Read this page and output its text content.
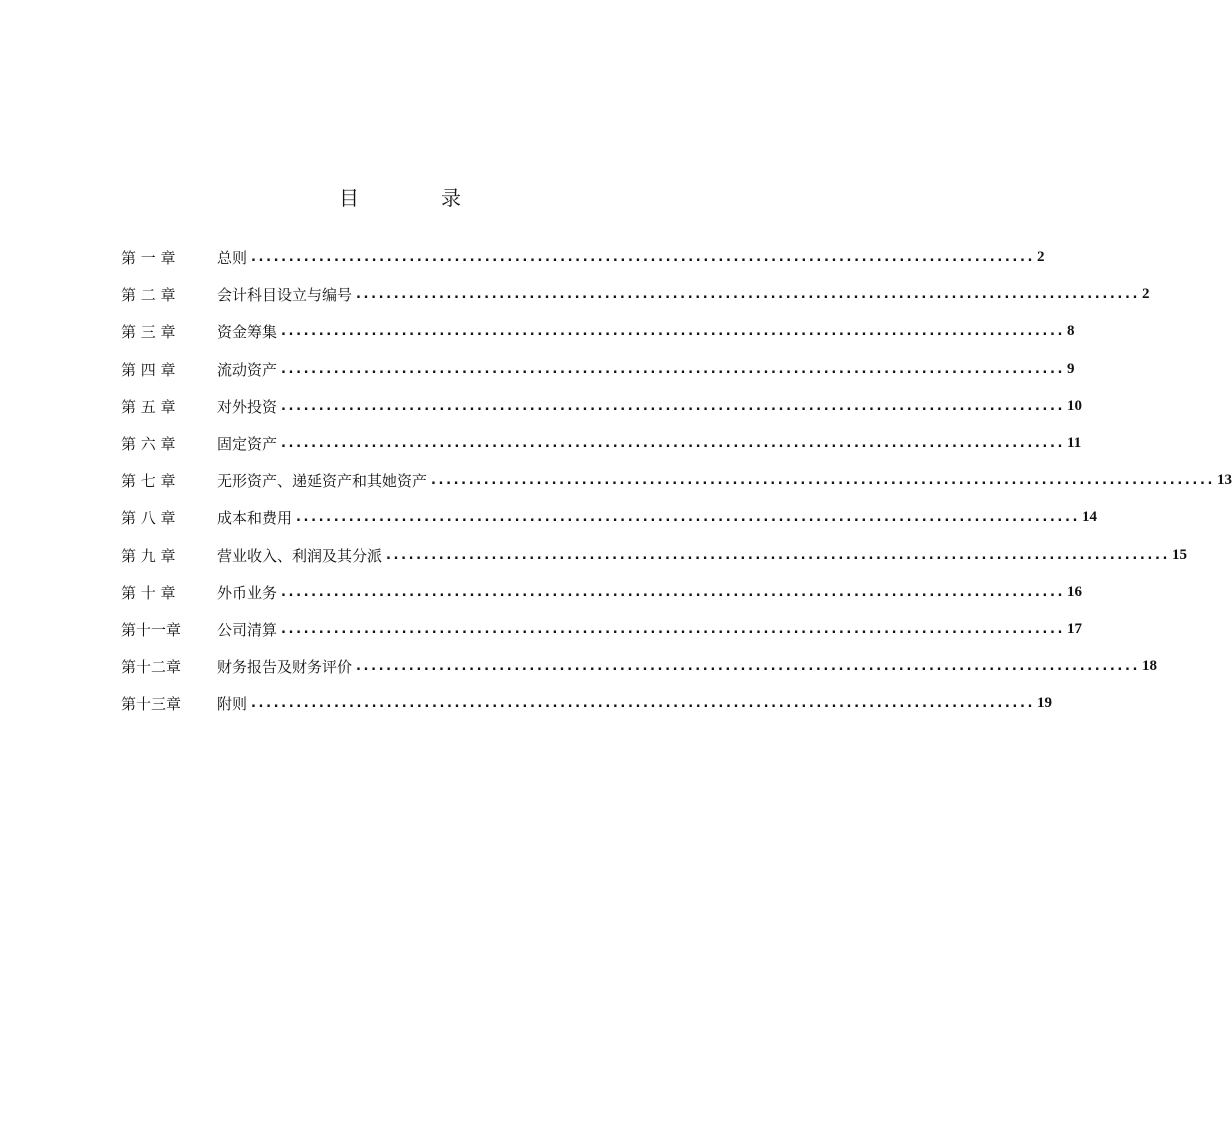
目	录
第 一 章	总则 ........................................................................................................ 2
第 二 章	会计科目设立与编号 ........................................................................................................ 2
第 三 章	资金筹集 ........................................................................................................ 8
第 四 章	流动资产 ........................................................................................................ 9
第 五 章	对外投资 ........................................................................................................ 10
第 六 章	固定资产 ........................................................................................................ 11
第 七 章	无形资产、递延资产和其她资产 ........................................................................................................ 13
第 八 章	成本和费用 ........................................................................................................ 14
第 九 章	营业收入、利润及其分派 ........................................................................................................ 15
第 十 章	外币业务 ........................................................................................................ 16
第十一章	公司清算 ........................................................................................................ 17
第十二章	财务报告及财务评价 ........................................................................................................ 18
第十三章	附则 ........................................................................................................ 19
